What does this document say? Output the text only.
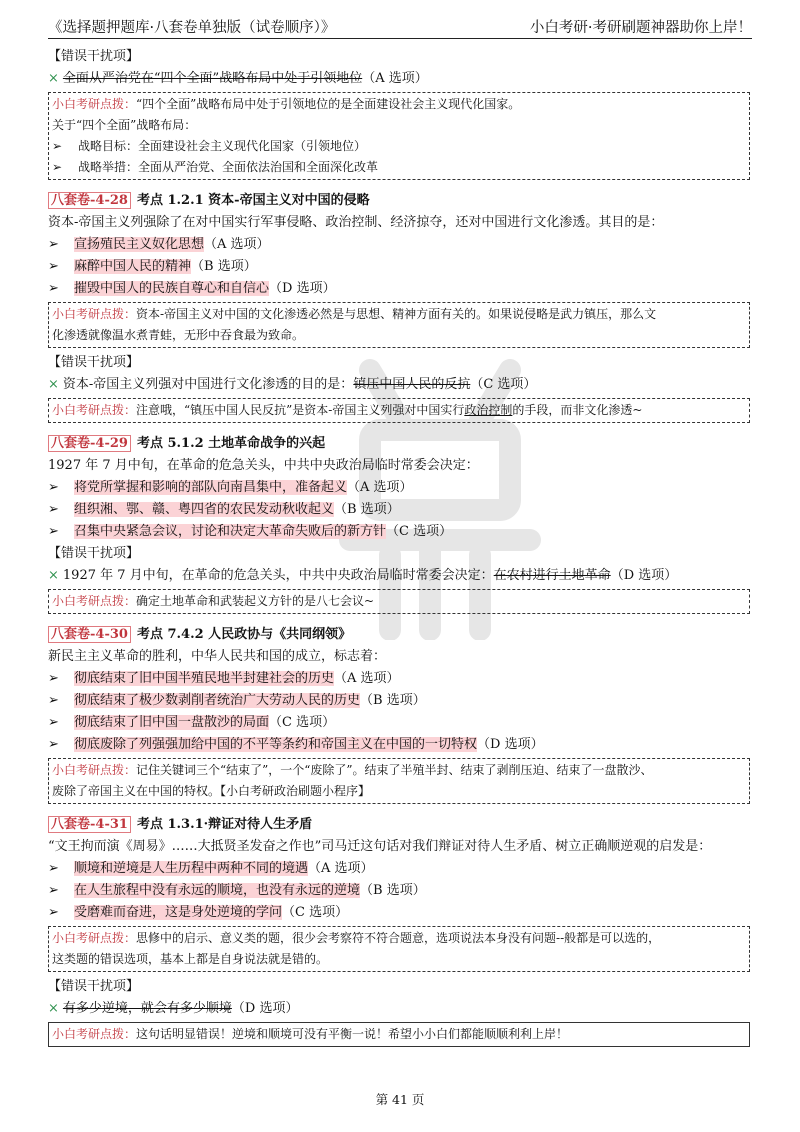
《选择题押题库·八套卷单独版（试卷顺序）》	小白考研·考研刷题神器助你上岸！
【错误干扰项】
× 全面从严治党在“四个全面”战略布局中处于引领地位（A 选项）
小白考研点拨：“四个全面”战略布局中处于引领地位的是全面建设社会主义现代化国家。
关于“四个全面”战略布局：
➢ 战略目标：全面建设社会主义现代化国家（引领地位）
➢ 战略举措：全面从严治党、全面依法治国和全面深化改革
八套卷-4-28 考点 1.2.1 资本-帝国主义对中国的侵略
资本-帝国主义列强除了在对中国实行军事侵略、政治控制、经济掠夺，还对中国进行文化渗透。其目的是：
➢ 宣扬殖民主义奴化思想（A 选项）
➢ 麻醉中国人民的精神（B 选项）
➢ 摧毁中国人的民族自尊心和自信心（D 选项）
小白考研点拨：资本-帝国主义对中国的文化渗透必然是与思想、精神方面有关的。如果说侵略是武力镇压，那么文
化渗透就像温水煮青蛙，无形中吞食最为致命。
【错误干扰项】
× 资本-帝国主义列强对中国进行文化渗透的目的是：镇压中国人民的反抗（C 选项）
小白考研点拨：注意哦，“镇压中国人民反抗”是资本-帝国主义列强对中国实行政治控制的手段，而非文化渗透~
八套卷-4-29 考点 5.1.2 土地革命战争的兴起
1927 年 7 月中旬，在革命的危急关头，中共中央政治局临时常委会决定：
➢ 将党所掌握和影响的部队向南昌集中，准备起义（A 选项）
➢ 组织湘、鄂、赣、粤四省的农民发动秋收起义（B 选项）
➢ 召集中央紧急会议，讨论和决定大革命失败后的新方针（C 选项）
【错误干扰项】
× 1927 年 7 月中旬，在革命的危急关头，中共中央政治局临时常委会决定：在农村进行土地革命（D 选项）
小白考研点拨：确定土地革命和武装起义方针的是八七会议~
八套卷-4-30 考点 7.4.2 人民政协与《共同纲领》
新民主主义革命的胜利，中华人民共和国的成立，标志着：
➢ 彻底结束了旧中国半殖民地半封建社会的历史（A 选项）
➢ 彻底结束了极少数剥削者统治广大劳动人民的历史（B 选项）
➢ 彻底结束了旧中国一盘散沙的局面（C 选项）
➢ 彻底废除了列强强加给中国的不平等条约和帝国主义在中国的一切特权（D 选项）
小白考研点拨：记住关键词三个“结束了”，一个“废除了”。结束了半殖半封、结束了剥削压迫、结束了一盘散沙、
废除了帝国主义在中国的特权。【小白考研政治刷题小程序】
八套卷-4-31 考点 1.3.1·辩证对待人生矛盾
“文王拘而演《周易》……大抵贤圣发奋之作也”司马迁这句话对我们辩证对待人生矛盾、树立正确顺逆观的启发是：
➢ 顺境和逆境是人生历程中两种不同的境遇（A 选项）
➢ 在人生旅程中没有永远的顺境，也没有永远的逆境（B 选项）
➢ 受磨难而奋进，这是身处逆境的学问（C 选项）
小白考研点拨：思修中的启示、意义类的题，很少会考察符不符合题意，选项说法本身没有问题--般都是可以选的，
这类题的错误选项，基本上都是自身说法就是错的。
【错误干扰项】
× 有多少逆境，就会有多少顺境（D 选项）
小白考研点拨：这句话明显错误！逆境和顺境可没有平衡一说！希望小小白们都能顺顺利利上岸！
第 41 页
